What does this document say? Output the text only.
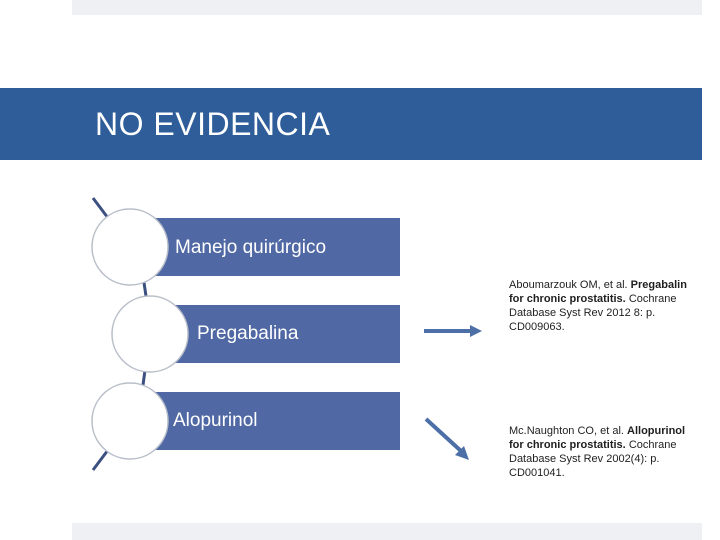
NO EVIDENCIA
Manejo quirúrgico
Pregabalina
Alopurinol
Aboumarzouk OM, et al. Pregabalin for chronic prostatitis. Cochrane Database Syst Rev 2012 8: p. CD009063.
Mc.Naughton CO, et al. Allopurinol for chronic prostatitis. Cochrane Database Syst Rev 2002(4): p. CD001041.
